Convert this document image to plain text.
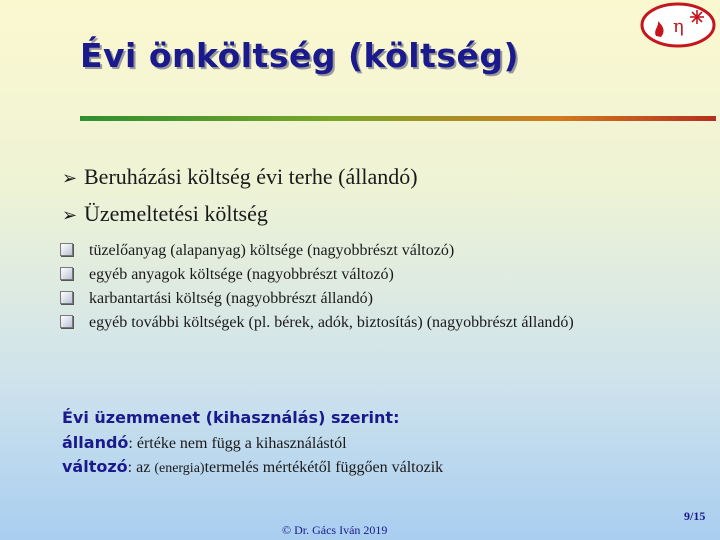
Évi önköltség (költség)
η
➢ Beruházási költség évi terhe (állandó)
➢ Üzemeltetési költség
tüzelőanyag (alapanyag) költsége (nagyobbrészt változó)
egyéb anyagok költsége (nagyobbrészt változó)
karbantartási költség (nagyobbrészt állandó)
egyéb további költségek (pl. bérek, adók, biztosítás) (nagyobbrészt állandó)
Évi üzemmenet (kihasználás) szerint:
állandó: értéke nem függ a kihasználástól
változó: az (energia)termelés mértékétől függően változik
© Dr. Gács Iván 2019
9/15
